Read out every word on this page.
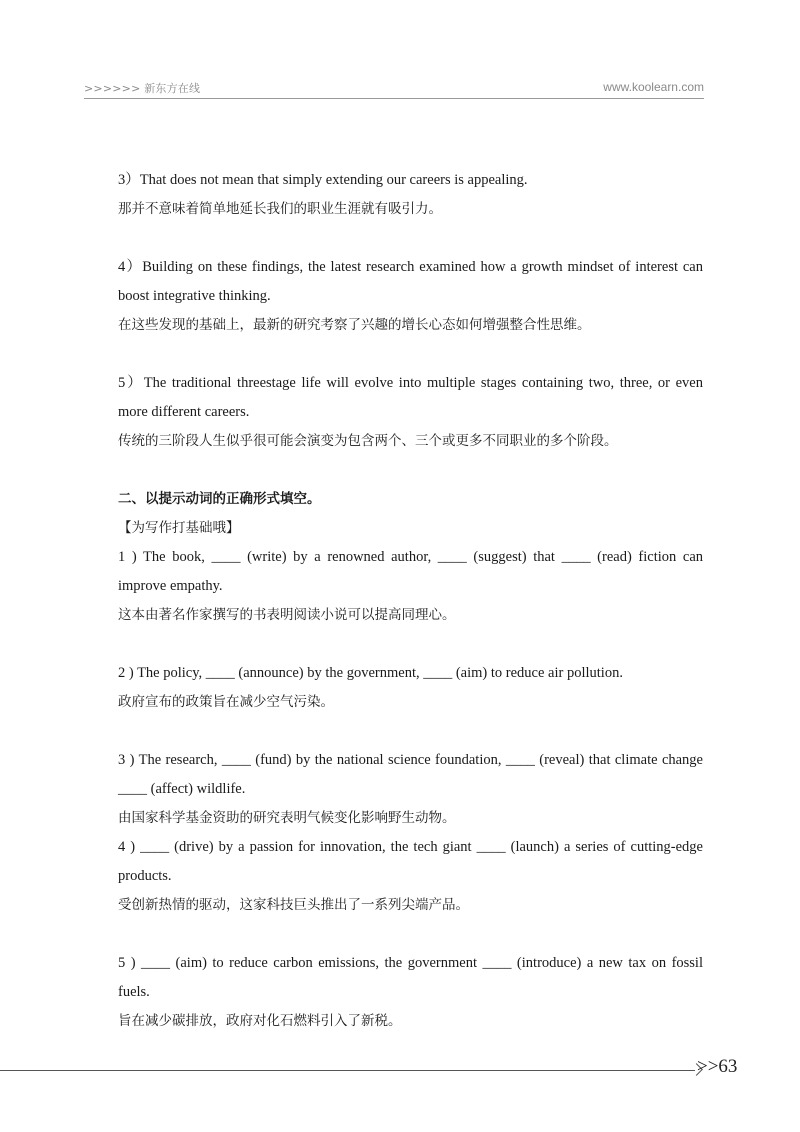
>>>>>> 新东方在线	www.koolearn.com

3）That does not mean that simply extending our careers is appealing.

那并不意味着简单地延长我们的职业生涯就有吸引力。

4）Building on these findings, the latest research examined how a growth mindset of interest can boost integrative thinking.

在这些发现的基础上，最新的研究考察了兴趣的增长心态如何增强整合性思维。

5）The traditional threestage life will evolve into multiple stages containing two, three, or even more different careers.

传统的三阶段人生似乎很可能会演变为包含两个、三个或更多不同职业的多个阶段。

二、以提示动词的正确形式填空。

【为写作打基础哦】

1 ) The book, ____ (write) by a renowned author, ____ (suggest) that ____ (read) fiction can improve empathy.

这本由著名作家撰写的书表明阅读小说可以提高同理心。

2 ) The policy, ____ (announce) by the government, ____ (aim) to reduce air pollution.

政府宣布的政策旨在减少空气污染。

3 ) The research, ____ (fund) by the national science foundation, ____ (reveal) that climate change ____ (affect) wildlife.

由国家科学基金资助的研究表明气候变化影响野生动物。

4 ) ____ (drive) by a passion for innovation, the tech giant ____ (launch) a series of cutting-edge products.

受创新热情的驱动，这家科技巨头推出了一系列尖端产品。

5 ) ____ (aim) to reduce carbon emissions, the government ____ (introduce) a new tax on fossil fuels.

旨在减少碳排放，政府对化石燃料引入了新税。

>>63
